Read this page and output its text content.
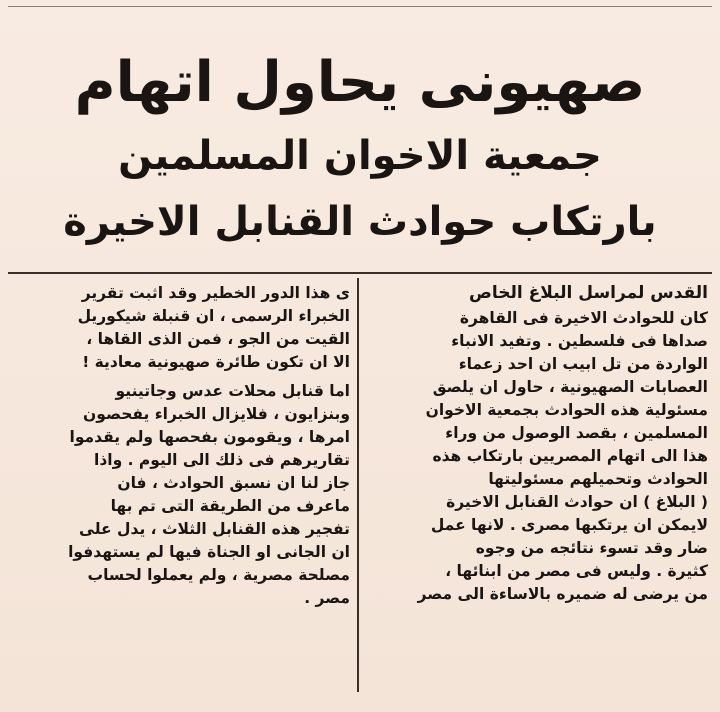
صهيونى يحاول اتهام
جمعية الاخوان المسلمين
بارتكاب حوادث القنابل الاخيرة
القدس لمراسل البلاغ الخاص

كان للحوادث الاخيرة فى القاهرة

صداها فى فلسطين . وتفيد الانباء

الواردة من تل ابيب ان احد زعماء

العصابات الصهيونية ، حاول ان يلصق

مسئولية هذه الحوادث بجمعية الاخوان

المسلمين ، بقصد الوصول من وراء

هذا الى اتهام المصريين بارتكاب هذه

الحوادث وتحميلهم مسئوليتها

( البلاغ ) ان حوادث القنابل الاخيرة

لايمكن ان يرتكبها مصرى . لانها عمل

ضار وقد تسوء نتائجه من وجوه

كثيرة . وليس فى مصر من ابنائها ،

من يرضى له ضميره بالاساءة الى مصر

ى هذا الدور الخطير وقد اثبت تقرير

الخبراء الرسمى ، ان قنبلة شيكوريل

القيت من الجو ، فمن الذى القاها ،

الا ان تكون طائرة صهيونية معادية !

اما قنابل محلات عدس وجاتينيو

وبنزايون ، فلايزال الخبراء يفحصون

امرها ، ويقومون بفحصها ولم يقدموا

تقاريرهم فى ذلك الى اليوم . واذا

جاز لنا ان نسبق الحوادث ، فان

ماعرف من الطريقة التى تم بها

تفجير هذه القنابل الثلاث ، يدل على

ان الجانى او الجناة فيها لم يستهدفوا

مصلحة مصرية ، ولم يعملوا لحساب

مصر .
